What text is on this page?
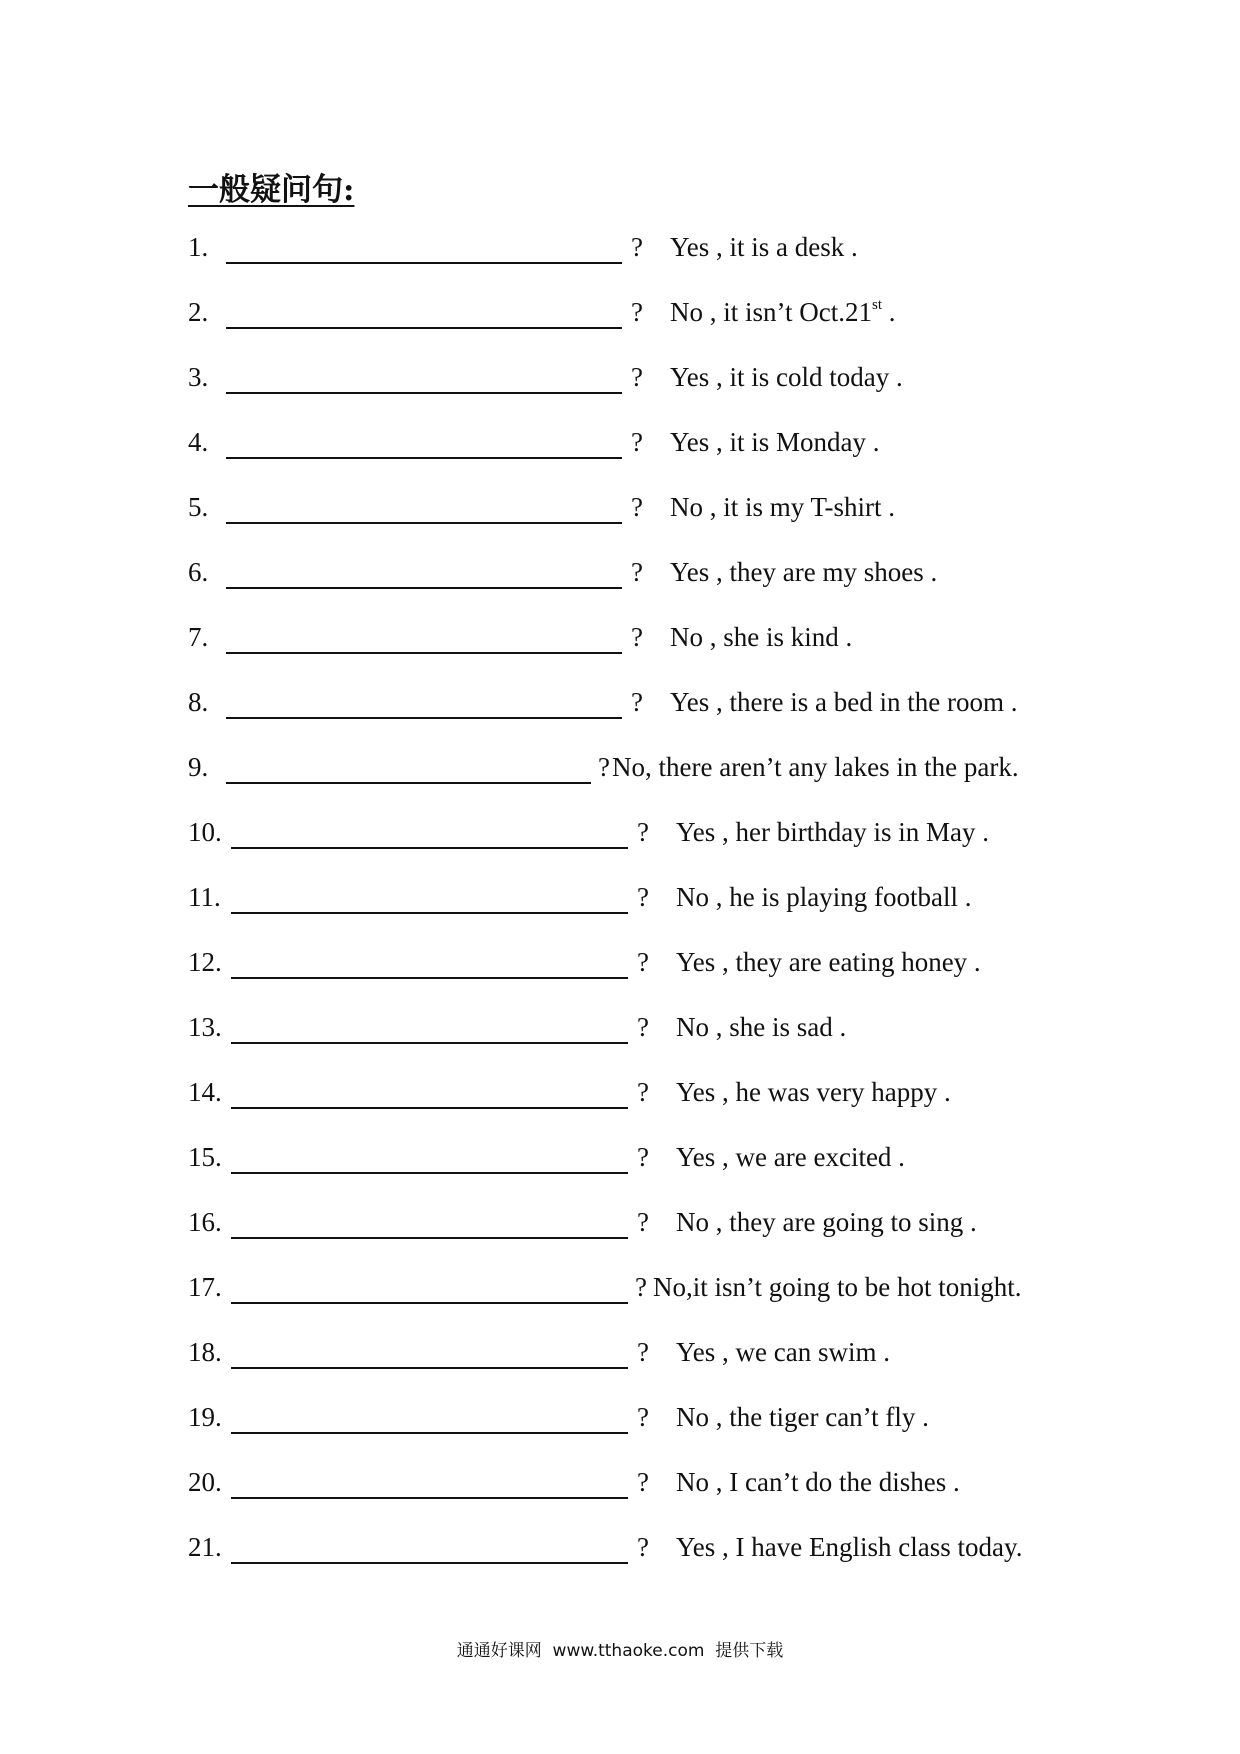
一般疑问句:
1.	? Yes , it is a desk .
2.	? No , it isn’t Oct.21st .
3.	? Yes , it is cold today .
4.	? Yes , it is Monday .
5.	? No , it is my T-shirt .
6.	? Yes , they are my shoes .
7.	? No , she is kind .
8.	? Yes , there is a bed in the room .
9.	? No, there aren’t any lakes in the park.
10.	? Yes , her birthday is in May .
11.	? No , he is playing football .
12.	? Yes , they are eating honey .
13.	? No , she is sad .
14.	? Yes , he was very happy .
15.	? Yes , we are excited .
16.	? No , they are going to sing .
17.	? No,it isn’t going to be hot tonight.
18.	? Yes , we can swim .
19.	? No , the tiger can’t fly .
20.	? No , I can’t do the dishes .
21.	? Yes , I have English class today.
通通好课网  www.tthaoke.com  提供下载
